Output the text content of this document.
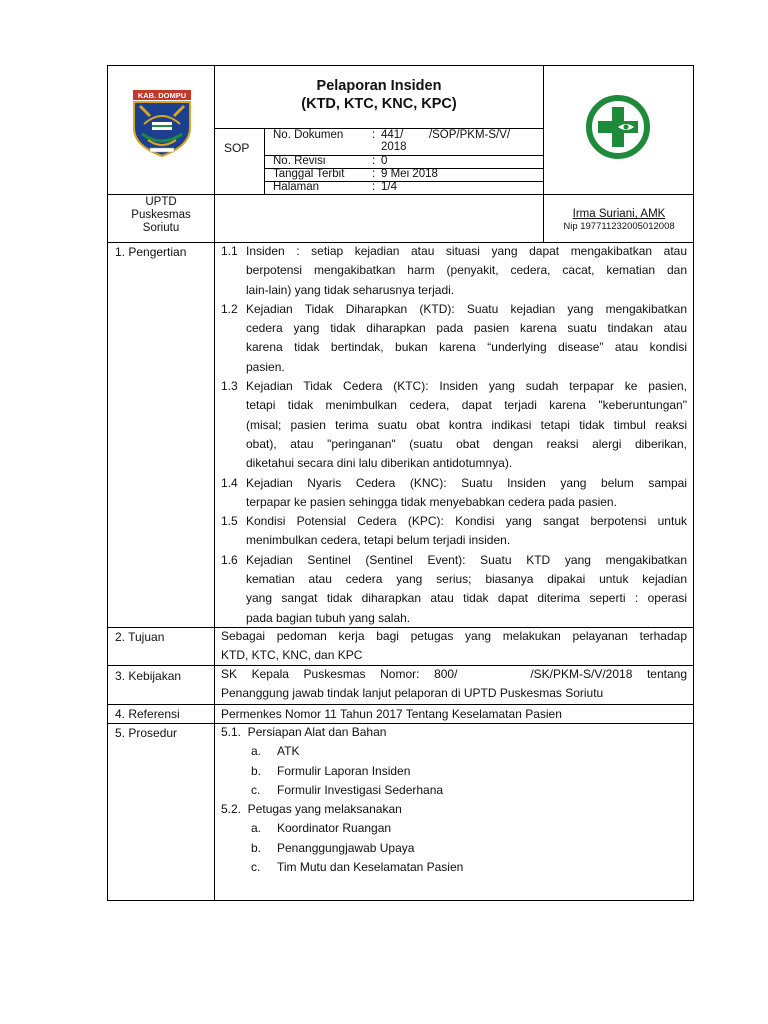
KAB. DOMPU
Pelaporan Insiden
(KTD, KTC, KNC, KPC)
SOP
No. Dokumen : 441/        /SOP/PKM-S/V/
2018
No. Revisi	: 0
Tanggal Terbit : 9 Mei 2018
Halaman	: 1/4
UPTD
Puskesmas
Soriutu
Irma Suriani, AMK
Nip 197711232005012008
1. Pengertian
2. Tujuan
3. Kebijakan
4. Referensi
5. Prosedur
1.1 Insiden : setiap kejadian atau situasi yang dapat mengakibatkan atau
berpotensi mengakibatkan harm (penyakit, cedera, cacat, kematian dan
lain-lain) yang tidak seharusnya terjadi.
1.2 Kejadian Tidak Diharapkan (KTD): Suatu kejadian yang mengakibatkan
cedera yang tidak diharapkan pada pasien karena suatu tindakan atau
karena tidak bertindak, bukan karena “underlying disease” atau kondisi
pasien.
1.3 Kejadian Tidak Cedera (KTC): Insiden yang sudah terpapar ke pasien,
tetapi tidak menimbulkan cedera, dapat terjadi karena "keberuntungan"
(misal; pasien terima suatu obat kontra indikasi tetapi tidak timbul reaksi
obat), atau "peringanan" (suatu obat dengan reaksi alergi diberikan,
diketahui secara dini lalu diberikan antidotumnya).
1.4 Kejadian Nyaris Cedera (KNC): Suatu Insiden yang belum sampai
terpapar ke pasien sehingga tidak menyebabkan cedera pada pasien.
1.5 Kondisi Potensial Cedera (KPC): Kondisi yang sangat berpotensi untuk
menimbulkan cedera, tetapi belum terjadi insiden.
1.6 Kejadian Sentinel (Sentinel Event): Suatu KTD yang mengakibatkan
kematian atau cedera yang serius; biasanya dipakai untuk kejadian
yang sangat tidak diharapkan atau tidak dapat diterima seperti : operasi
pada bagian tubuh yang salah.
Sebagai pedoman kerja bagi petugas yang melakukan pelayanan terhadap
KTD, KTC, KNC, dan KPC
SK  Kepala  Puskesmas  Nomor:  800/          /SK/PKM-S/V/2018  tentang
Penanggung jawab tindak lanjut pelaporan di UPTD Puskesmas Soriutu
Permenkes Nomor 11 Tahun 2017 Tentang Keselamatan Pasien
5.1.  Persiapan Alat dan Bahan
a. ATK
b. Formulir Laporan Insiden
c. Formulir Investigasi Sederhana
5.2.  Petugas yang melaksanakan
a. Koordinator Ruangan
b. Penanggungjawab Upaya
c. Tim Mutu dan Keselamatan Pasien
